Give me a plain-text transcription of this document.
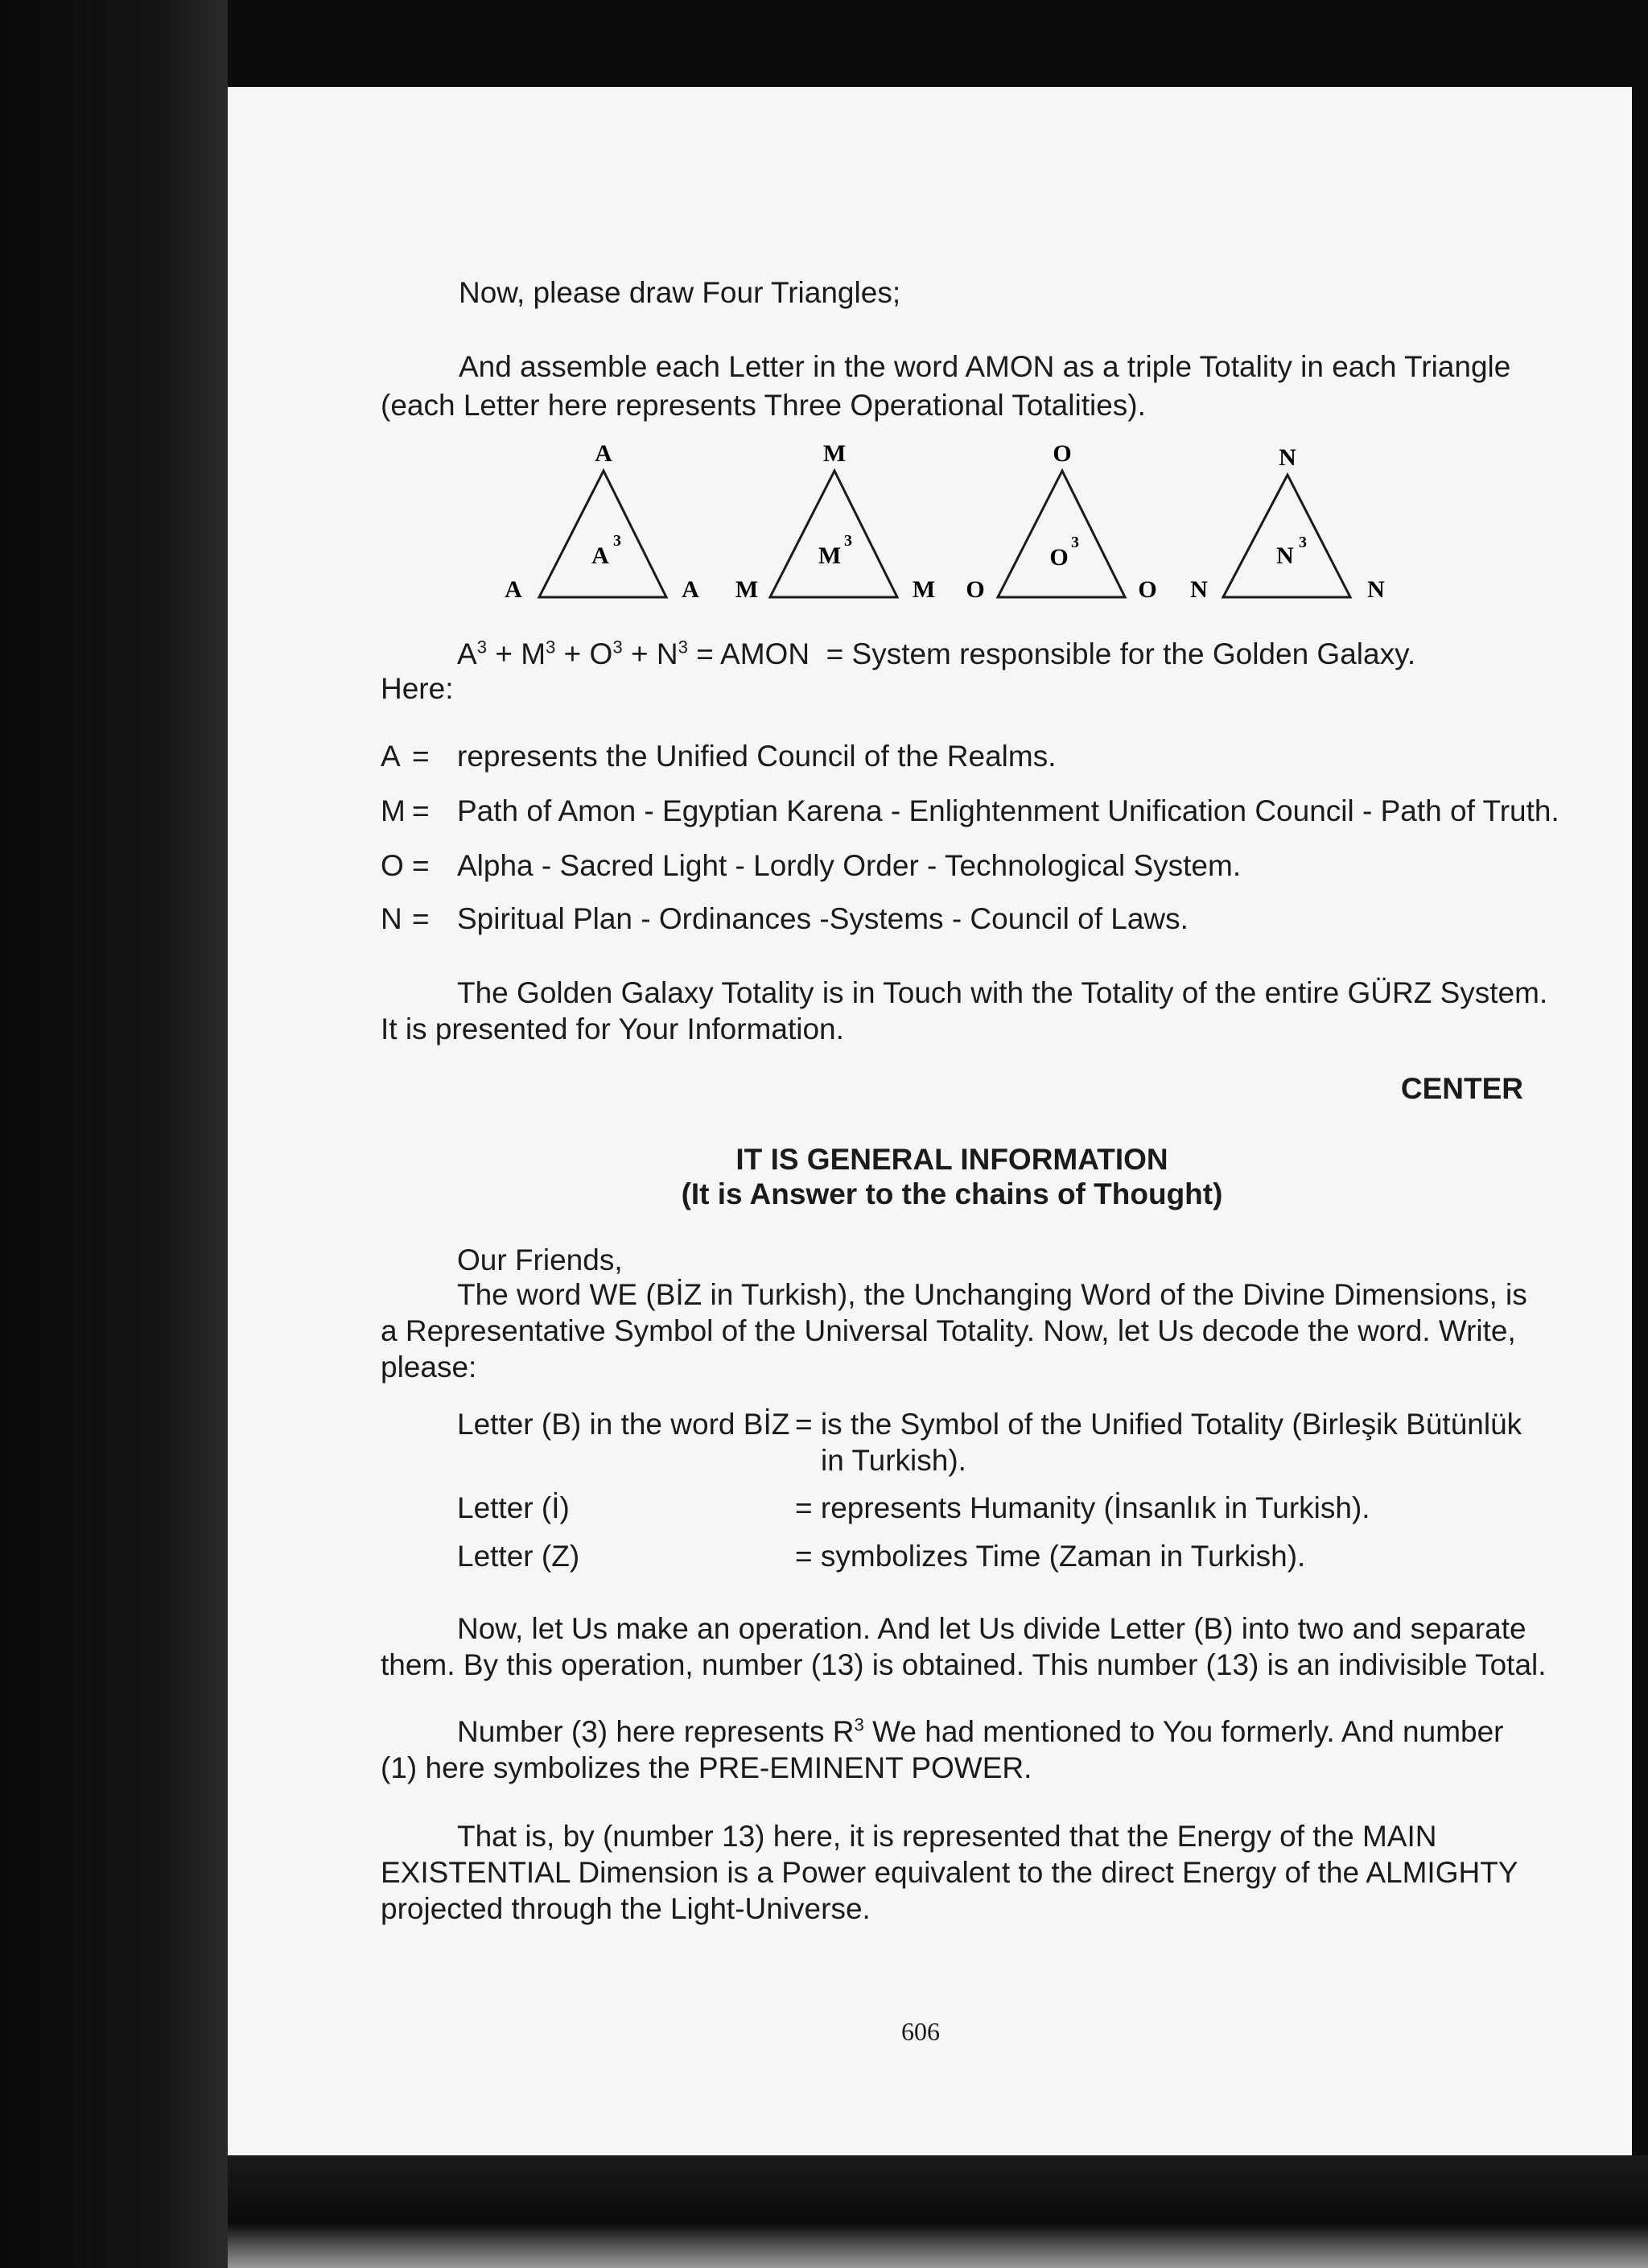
Now, please draw Four Triangles;
And assemble each Letter in the word AMON as a triple Totality in each Triangle
(each Letter here represents Three Operational Totalities).
A
A	A
A
3
M
M	M
M
3
O
O	O
O
3
N
N	N
N 3
$A^3 + M^3 + O^3 + N^3$ = AMON = System responsible for the Golden Galaxy.
Here:
A = represents the Unified Council of the Realms.
M = Path of Amon - Egyptian Karena - Enlightenment Unification Council - Path of Truth.
O = Alpha - Sacred Light - Lordly Order - Technological System.
N = Spiritual Plan - Ordinances -Systems - Council of Laws.
The Golden Galaxy Totality is in Touch with the Totality of the entire GÜRZ System.
It is presented for Your Information.
CENTER
IT IS GENERAL INFORMATION
(It is Answer to the chains of Thought)
Our Friends,
The word WE (BİZ in Turkish), the Unchanging Word of the Divine Dimensions, is
a Representative Symbol of the Universal Totality. Now, let Us decode the word. Write,
please:
Letter (B) in the word BİZ = is the Symbol of the Unified Totality (Birleşik Bütünlük
in Turkish).
Letter (İ)	= represents Humanity (İnsanlık in Turkish).
Letter (Z)	= symbolizes Time (Zaman in Turkish).
Now, let Us make an operation. And let Us divide Letter (B) into two and separate
them. By this operation, number (13) is obtained. This number (13) is an indivisible Total.
Number (3) here represents $R^3$ We had mentioned to You formerly. And number
(1) here symbolizes the PRE-EMINENT POWER.
That is, by (number 13) here, it is represented that the Energy of the MAIN
EXISTENTIAL Dimension is a Power equivalent to the direct Energy of the ALMIGHTY
projected through the Light-Universe.
606
